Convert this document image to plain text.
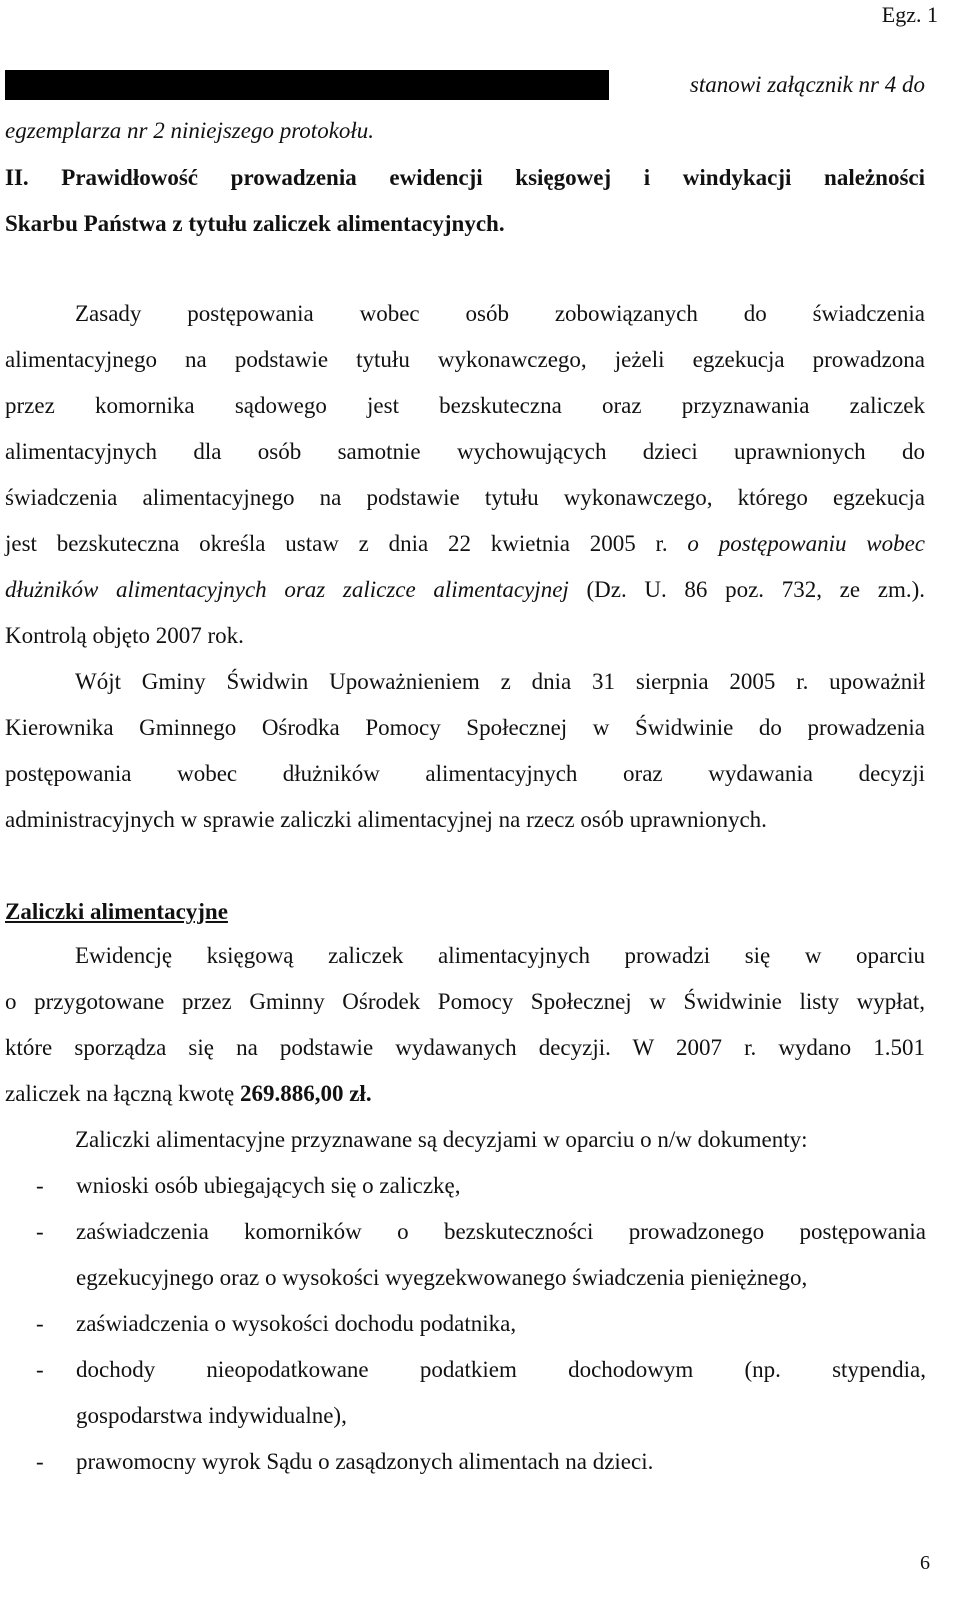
Egz. 1
stanowi załącznik nr 4 do
egzemplarza nr 2 niniejszego protokołu.
II. Prawidłowość prowadzenia ewidencji księgowej i windykacji należności
Skarbu Państwa z tytułu zaliczek alimentacyjnych.
Zasady postępowania wobec osób zobowiązanych do świadczenia
alimentacyjnego na podstawie tytułu wykonawczego, jeżeli egzekucja prowadzona
przez komornika sądowego jest bezskuteczna oraz przyznawania zaliczek
alimentacyjnych dla osób samotnie wychowujących dzieci uprawnionych do
świadczenia alimentacyjnego na podstawie tytułu wykonawczego, którego egzekucja
jest bezskuteczna określa ustaw z dnia 22 kwietnia 2005 r. o postępowaniu wobec
dłużników alimentacyjnych oraz zaliczce alimentacyjnej (Dz. U. 86 poz. 732, ze zm.).
Kontrolą objęto 2007 rok.
Wójt Gminy Świdwin Upoważnieniem z dnia 31 sierpnia 2005 r. upoważnił
Kierownika Gminnego Ośrodka Pomocy Społecznej w Świdwinie do prowadzenia
postępowania wobec dłużników alimentacyjnych oraz wydawania decyzji
administracyjnych w sprawie zaliczki alimentacyjnej na rzecz osób uprawnionych.
Zaliczki alimentacyjne
Ewidencję księgową zaliczek alimentacyjnych prowadzi się w oparciu
o przygotowane przez Gminny Ośrodek Pomocy Społecznej w Świdwinie listy wypłat,
które sporządza się na podstawie wydawanych decyzji. W 2007 r. wydano 1.501
zaliczek na łączną kwotę 269.886,00 zł.
Zaliczki alimentacyjne przyznawane są decyzjami w oparciu o n/w dokumenty:
- wnioski osób ubiegających się o zaliczkę,
- zaświadczenia komorników o bezskuteczności prowadzonego postępowania
egzekucyjnego oraz o wysokości wyegzekwowanego świadczenia pieniężnego,
- zaświadczenia o wysokości dochodu podatnika,
- dochody nieopodatkowane podatkiem dochodowym (np. stypendia,
gospodarstwa indywidualne),
- prawomocny wyrok Sądu o zasądzonych alimentach na dzieci.
6
